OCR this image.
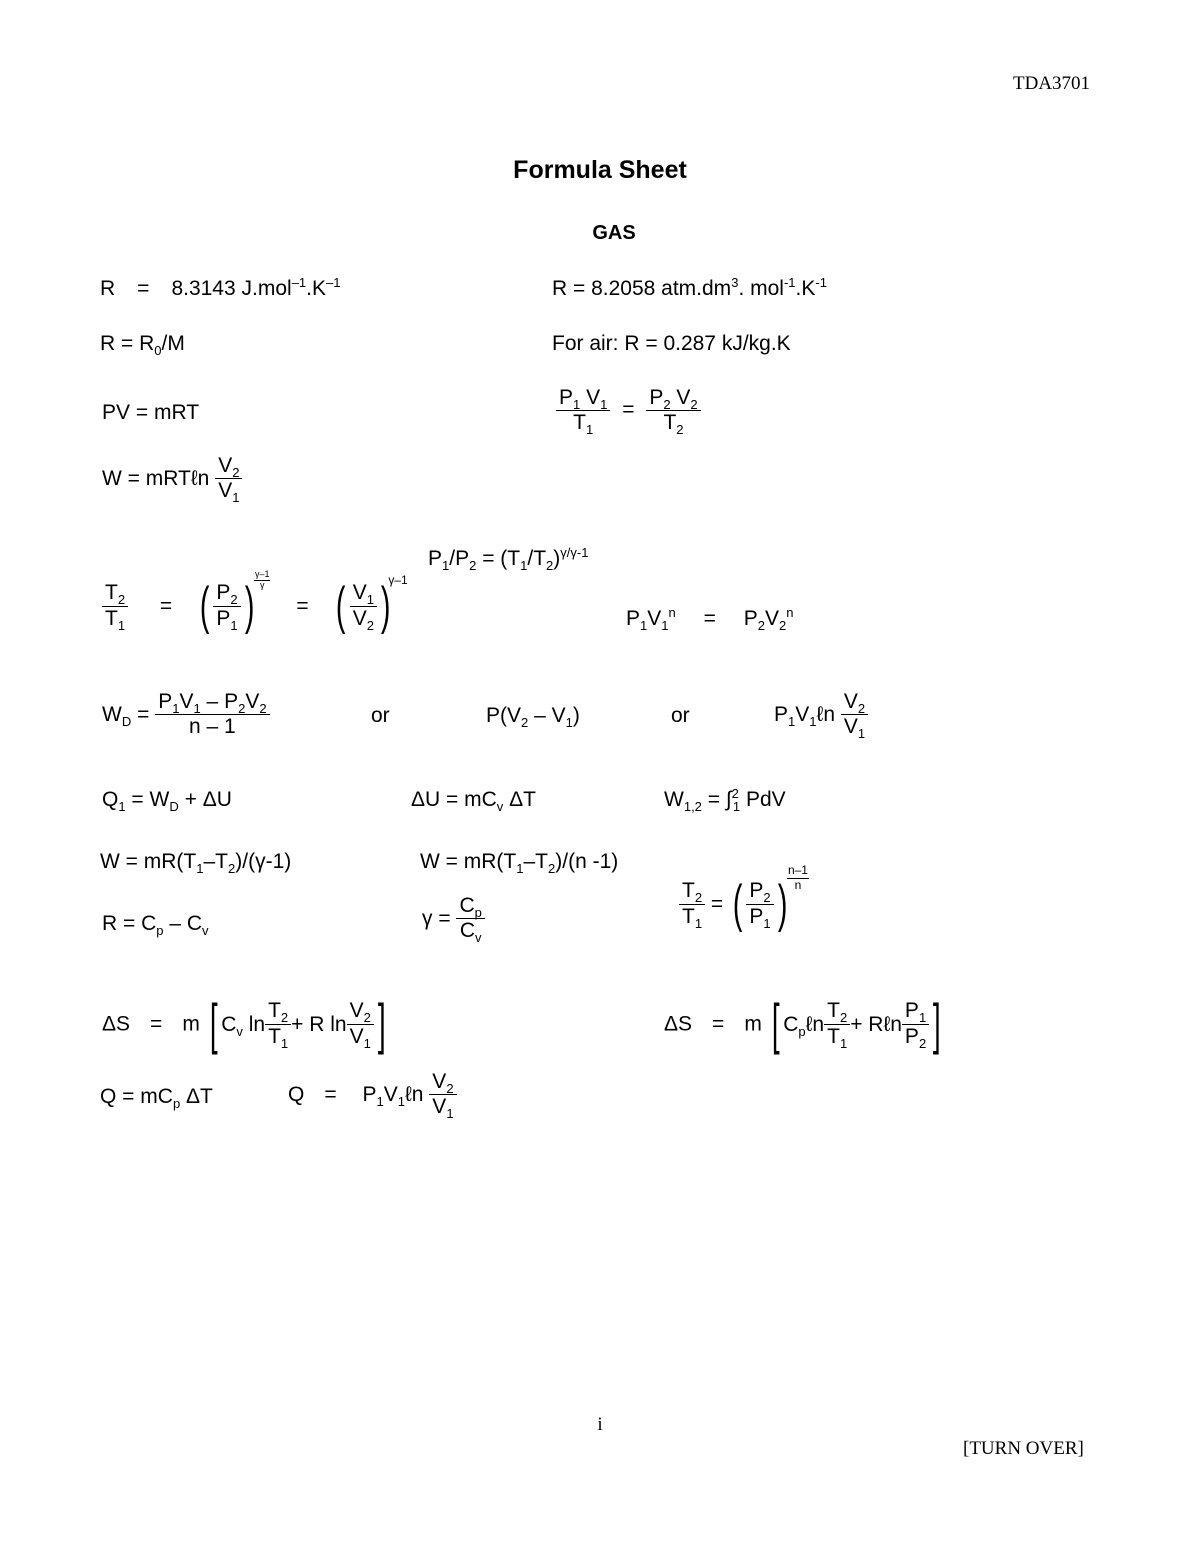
TDA3701
Formula Sheet
GAS
R = 8.3143 $J.mol^{-1}.K^{-1}$	R = 8.2058 $atm.dm^3$. $mol^{-1}.K^{-1}$
$R = R_0/M$	For air: R = 0.287 kJ/kg.K
PV = mRT	$\frac{P_1 V_1}{T_1} = \frac{P_2 V_2}{T_2}$
W = mRTℓn $\frac{V_2}{V_1}$
$P_1/P_2 = (T_1/T_2)^{\gamma/\gamma-1}$
$\frac{T_2}{T_1}$ = ( $\frac{P_2}{P_1}$ )
γ–1
γ
= ( $\frac{V_1}{V_2}$ )
γ–1
$P_1V_1^n = P_2V_2^n$
$W_D = \frac{P_1V_1 - P_2V_2}{n - 1}$	or	$P(V_2 - V_1)$	or	$P_1V_1\ell n \frac{V_2}{V_1}$
$Q_1 = W_D + \Delta U$	$\Delta U = mC_v$ ΔT	$W_{1,2} = \int^2_1$ PdV
$W = mR(T_1-T_2)/(\gamma-1)$	$W = mR(T_1-T_2)/(n$ -1)
$R = C_p - C_v$
$\gamma = \frac{C_p}{C_v}$	$\frac{T_2}{T_1}$ = ( $\frac{P_2}{P_1}$ )
n–1
n
ΔS = m [ $C_v$ $\ln \frac{T_2}{T_1} + R$ $\ln \frac{V_2}{V_1}$ ]	ΔS = m [ $C_p\ell n \frac{T_2}{T_1}$ + Rℓn $\frac{P_1}{P_2}$ ]
$Q = mC_p$ ΔT	$Q = P_1V_1\ell n \frac{V_2}{V_1}$
i
[TURN OVER]
